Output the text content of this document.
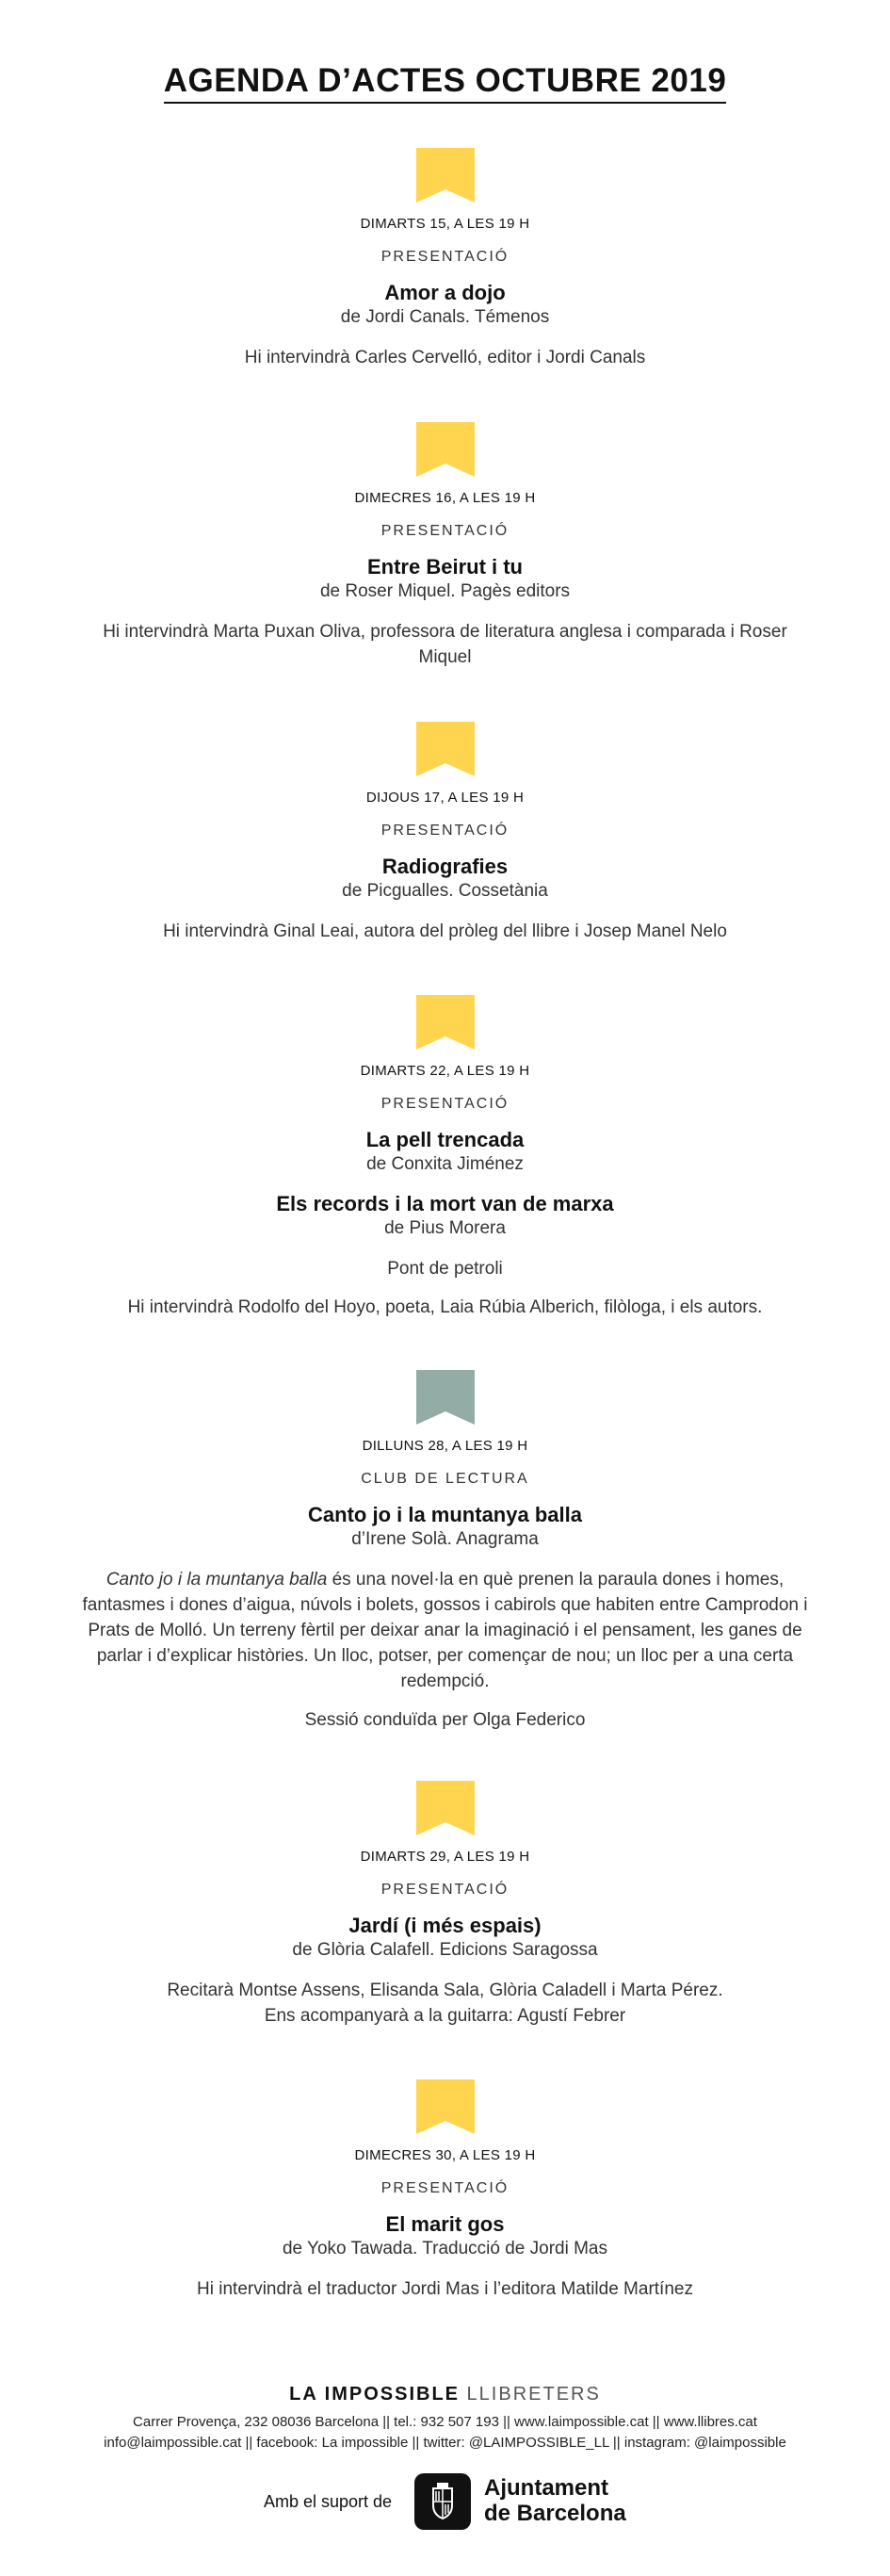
AGENDA D’ACTES OCTUBRE 2019
DIMARTS 15, A LES 19 H
PRESENTACIÓ
Amor a dojo
de Jordi Canals. Témenos
Hi intervindrà Carles Cervelló, editor i Jordi Canals
DIMECRES 16, A LES 19 H
PRESENTACIÓ
Entre Beirut i tu
de Roser Miquel. Pagès editors
Hi intervindrà Marta Puxan Oliva, professora de literatura anglesa i comparada i Roser Miquel
DIJOUS 17, A LES 19 H
PRESENTACIÓ
Radiografies
de Picgualles. Cossetània
Hi intervindrà Ginal Leai, autora del pròleg del llibre i Josep Manel Nelo
DIMARTS 22, A LES 19 H
PRESENTACIÓ
La pell trencada
de Conxita Jiménez
Els records i la mort van de marxa
de Pius Morera
Pont de petroli
Hi intervindrà Rodolfo del Hoyo, poeta, Laia Rúbia Alberich, filòloga, i els autors.
DILLUNS 28, A LES 19 H
CLUB DE LECTURA
Canto jo i la muntanya balla
d’Irene Solà. Anagrama
Canto jo i la muntanya balla és una novel·la en què prenen la paraula dones i homes, fantasmes i dones d’aigua, núvols i bolets, gossos i cabirols que habiten entre Camprodon i Prats de Molló. Un terreny fèrtil per deixar anar la imaginació i el pensament, les ganes de parlar i d’explicar històries. Un lloc, potser, per començar de nou; un lloc per a una certa redempció.
Sessió conduïda per Olga Federico
DIMARTS 29, A LES 19 H
PRESENTACIÓ
Jardí (i més espais)
de Glòria Calafell. Edicions Saragossa
Recitarà Montse Assens, Elisanda Sala, Glòria Caladell i Marta Pérez.
Ens acompanyarà a la guitarra: Agustí Febrer
DIMECRES 30, A LES 19 H
PRESENTACIÓ
El marit gos
de Yoko Tawada. Traducció de Jordi Mas
Hi intervindrà el traductor Jordi Mas i l’editora Matilde Martínez
LA IMPOSSIBLE LLIBRETERS
Carrer Provença, 232 08036 Barcelona || tel.: 932 507 193 || www.laimpossible.cat || www.llibres.cat
info@laimpossible.cat || facebook: La impossible || twitter: @LAIMPOSSIBLE_LL || instagram: @laimpossible
Amb el suport de
Ajuntament
de Barcelona
